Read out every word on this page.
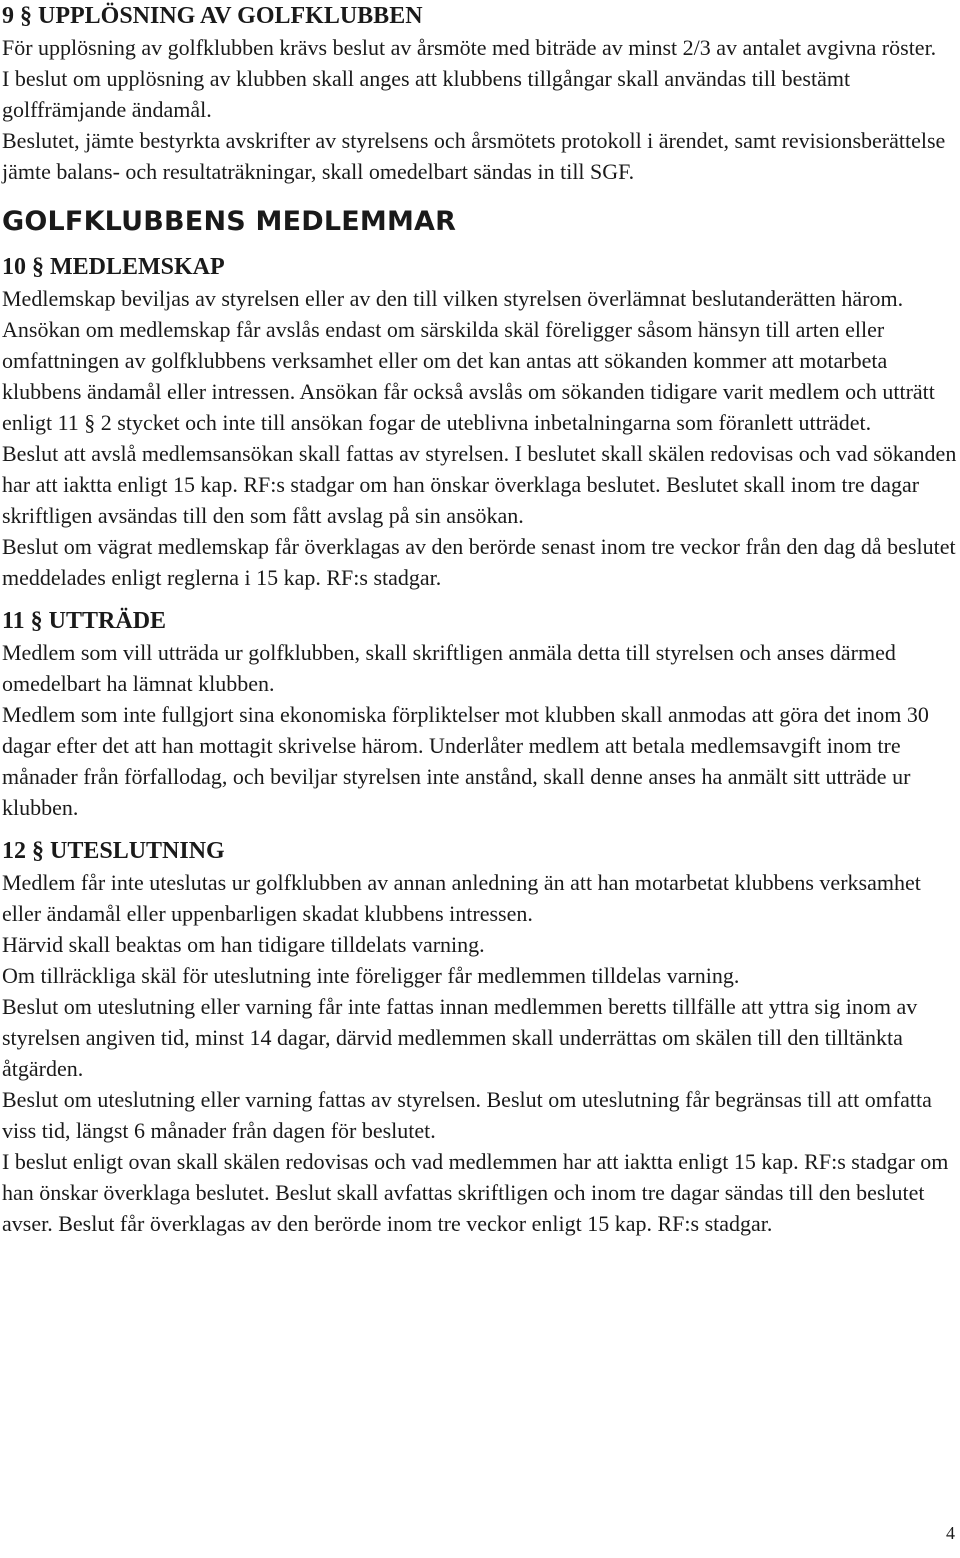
9 § UPPLÖSNING AV GOLFKLUBBEN

För upplösning av golfklubben krävs beslut av årsmöte med biträde av minst 2/3 av antalet avgivna röster.

I beslut om upplösning av klubben skall anges att klubbens tillgångar skall användas till bestämt golffrämjande ändamål.

Beslutet, jämte bestyrkta avskrifter av styrelsens och årsmötets protokoll i ärendet, samt revisionsberättelse jämte balans- och resultaträkningar, skall omedelbart sändas in till SGF.

GOLFKLUBBENS MEDLEMMAR
10 § MEDLEMSKAP

Medlemskap beviljas av styrelsen eller av den till vilken styrelsen överlämnat beslutanderätten härom.

Ansökan om medlemskap får avslås endast om särskilda skäl föreligger såsom hänsyn till arten eller omfattningen av golfklubbens verksamhet eller om det kan antas att sökanden kommer att motarbeta klubbens ändamål eller intressen. Ansökan får också avslås om sökanden tidigare varit medlem och utträtt enligt 11 § 2 stycket och inte till ansökan fogar de uteblivna inbetalningarna som föranlett utträdet.

Beslut att avslå medlemsansökan skall fattas av styrelsen. I beslutet skall skälen redovisas och vad sökanden har att iaktta enligt 15 kap. RF:s stadgar om han önskar överklaga beslutet. Beslutet skall inom tre dagar skriftligen avsändas till den som fått avslag på sin ansökan.

Beslut om vägrat medlemskap får överklagas av den berörde senast inom tre veckor från den dag då beslutet meddelades enligt reglerna i 15 kap. RF:s stadgar.

11 § UTTRÄDE

Medlem som vill utträda ur golfklubben, skall skriftligen anmäla detta till styrelsen och anses därmed omedelbart ha lämnat klubben.

Medlem som inte fullgjort sina ekonomiska förpliktelser mot klubben skall anmodas att göra det inom 30 dagar efter det att han mottagit skrivelse härom. Underlåter medlem att betala medlemsavgift inom tre månader från förfallodag, och beviljar styrelsen inte anstånd, skall denne anses ha anmält sitt utträde ur klubben.

12 § UTESLUTNING

Medlem får inte uteslutas ur golfklubben av annan anledning än att han motarbetat klubbens verksamhet eller ändamål eller uppenbarligen skadat klubbens intressen.

Härvid skall beaktas om han tidigare tilldelats varning.

Om tillräckliga skäl för uteslutning inte föreligger får medlemmen tilldelas varning.

Beslut om uteslutning eller varning får inte fattas innan medlemmen beretts tillfälle att yttra sig inom av styrelsen angiven tid, minst 14 dagar, därvid medlemmen skall underrättas om skälen till den tilltänkta åtgärden.

Beslut om uteslutning eller varning fattas av styrelsen. Beslut om uteslutning får begränsas till att omfatta viss tid, längst 6 månader från dagen för beslutet.

I beslut enligt ovan skall skälen redovisas och vad medlemmen har att iaktta enligt 15 kap. RF:s stadgar om han önskar överklaga beslutet. Beslut skall avfattas skriftligen och inom tre dagar sändas till den beslutet avser. Beslut får överklagas av den berörde inom tre veckor enligt 15 kap. RF:s stadgar.

4
